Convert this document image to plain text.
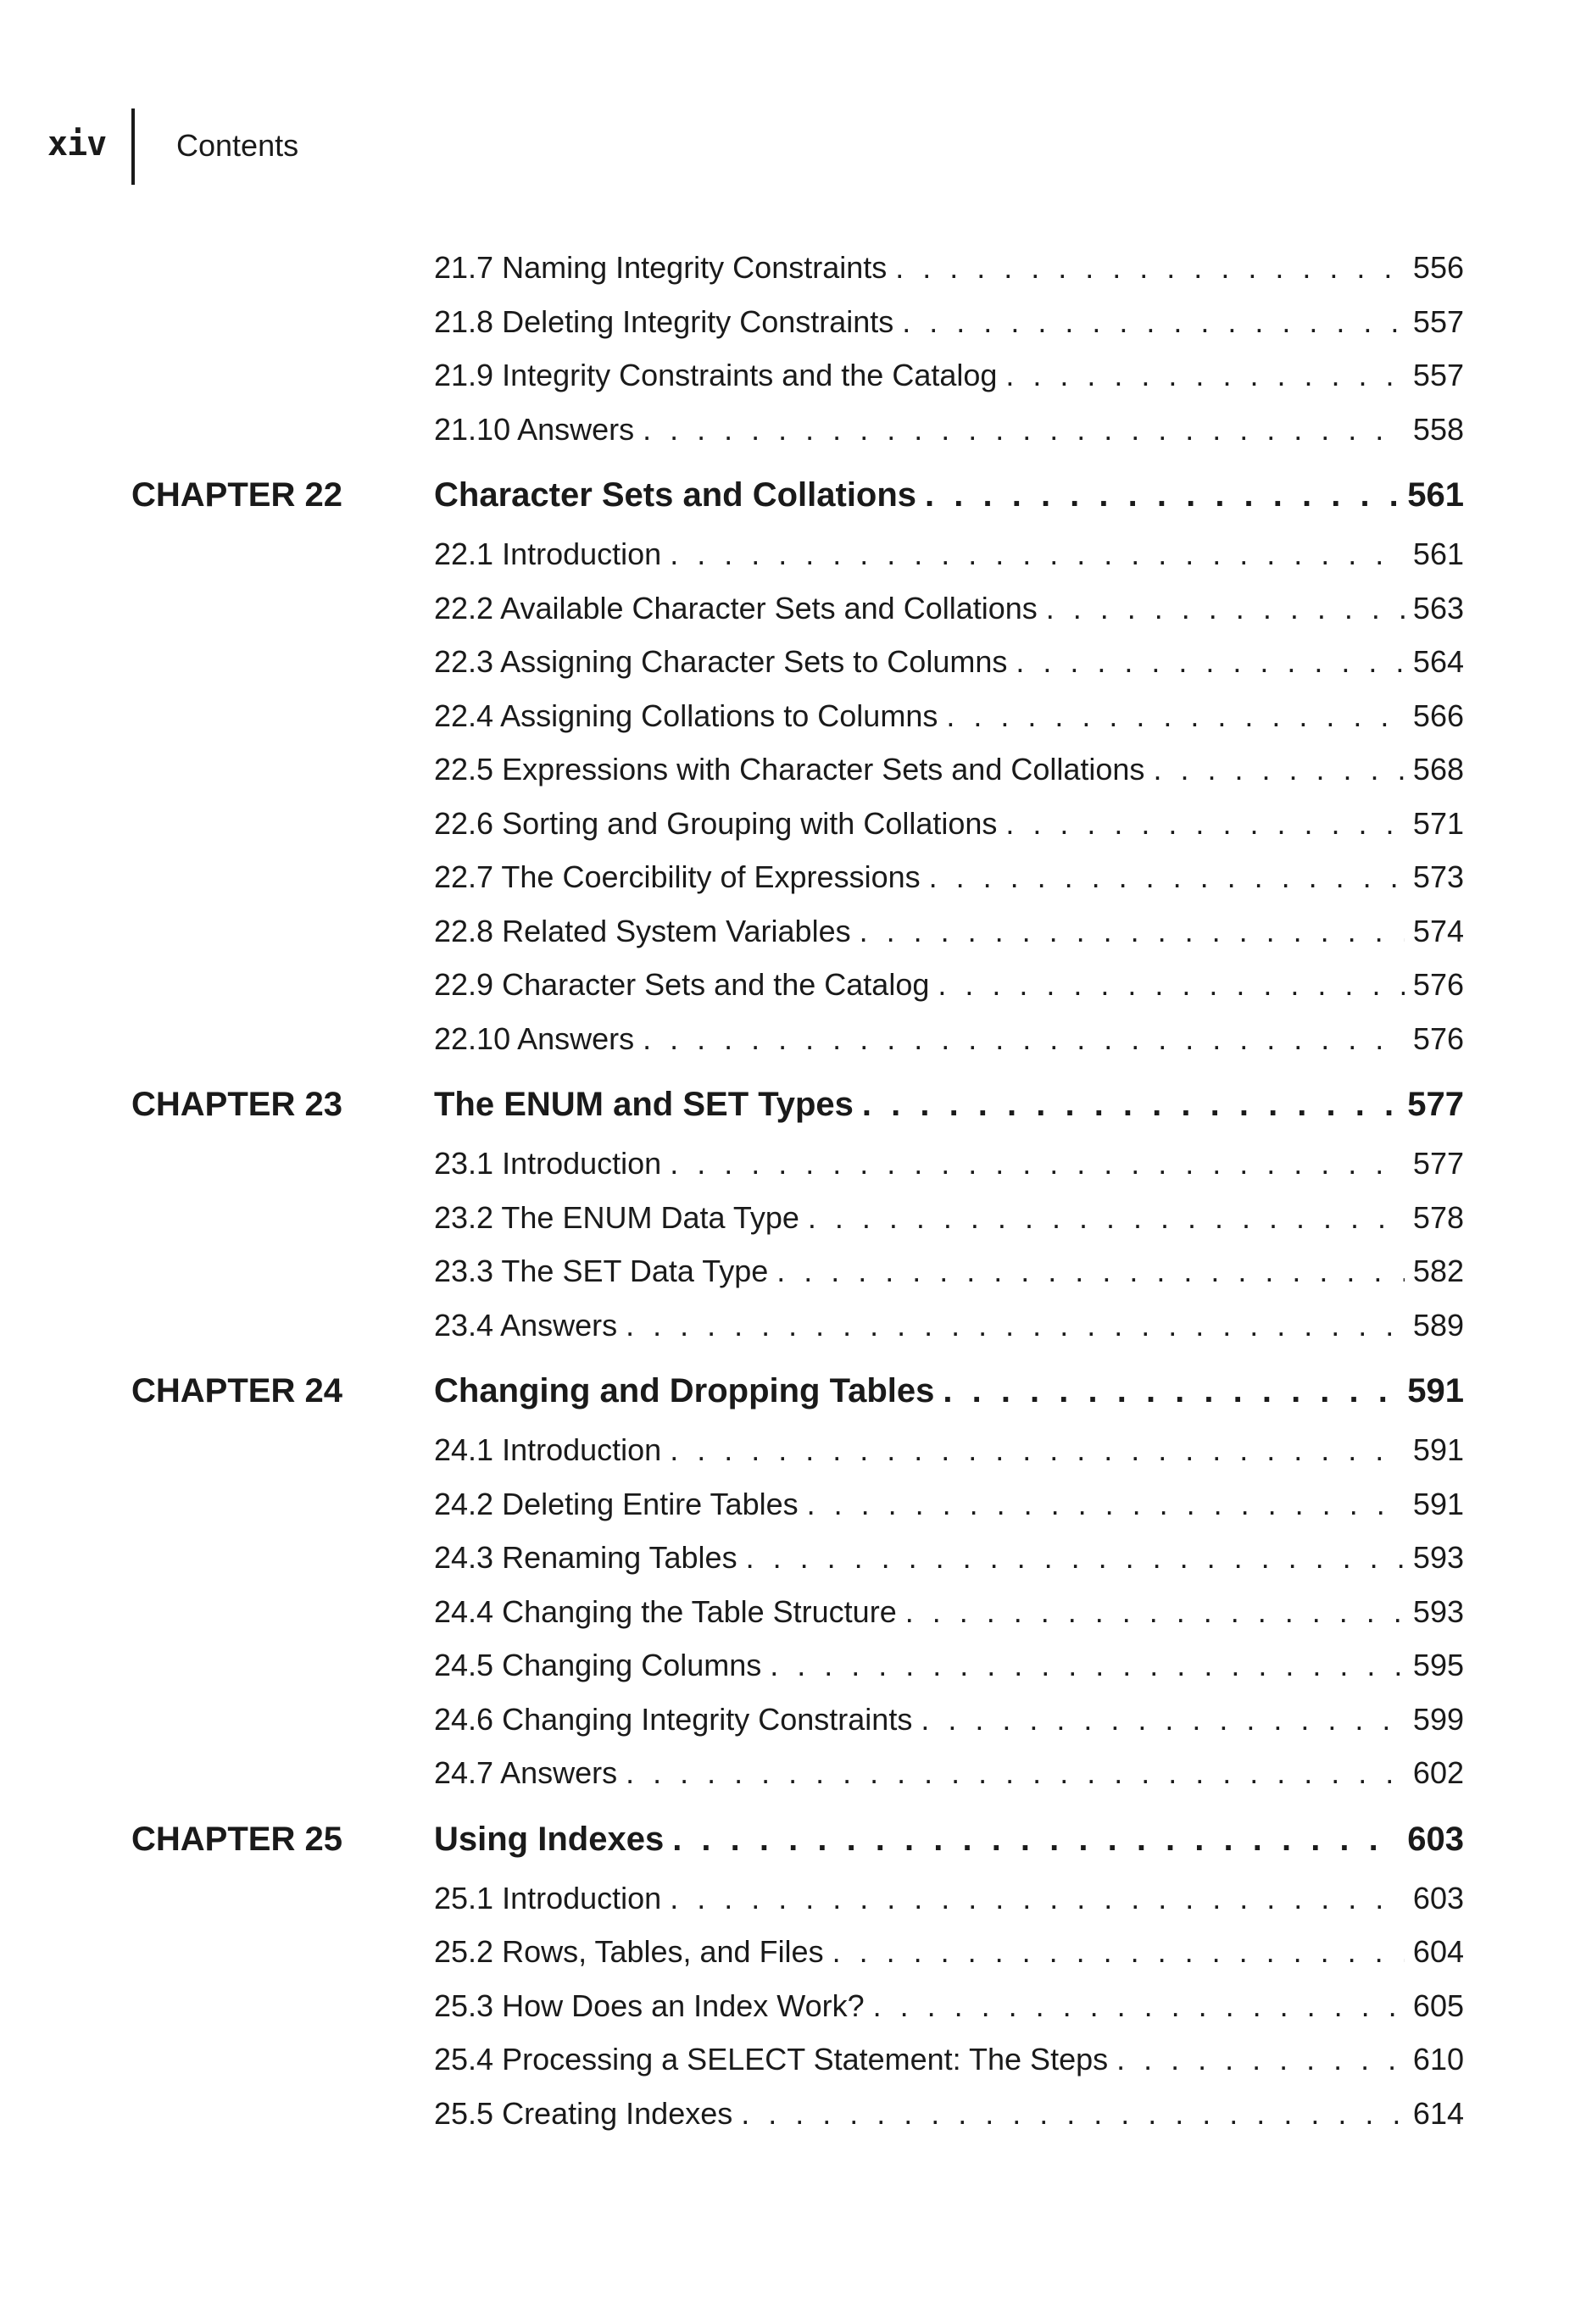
xiv Contents
21.7 Naming Integrity Constraints . . .	556
21.8 Deleting Integrity Constraints . . .	557
21.9 Integrity Constraints and the Catalog . . .	557
21.10 Answers . . .	558
CHAPTER 22	Character Sets and Collations . . .	561
22.1 Introduction . . .	561
22.2 Available Character Sets and Collations . . .	563
22.3 Assigning Character Sets to Columns . . .	564
22.4 Assigning Collations to Columns . . .	566
22.5 Expressions with Character Sets and Collations . . .	568
22.6 Sorting and Grouping with Collations . . .	571
22.7 The Coercibility of Expressions . . .	573
22.8 Related System Variables . . .	574
22.9 Character Sets and the Catalog . . .	576
22.10 Answers . . .	576
CHAPTER 23	The ENUM and SET Types . . .	577
23.1 Introduction . . .	577
23.2 The ENUM Data Type . . .	578
23.3 The SET Data Type . . .	582
23.4 Answers . . .	589
CHAPTER 24	Changing and Dropping Tables . . .	591
24.1 Introduction . . .	591
24.2 Deleting Entire Tables . . .	591
24.3 Renaming Tables . . .	593
24.4 Changing the Table Structure . . .	593
24.5 Changing Columns . . .	595
24.6 Changing Integrity Constraints . . .	599
24.7 Answers . . .	602
CHAPTER 25	Using Indexes . . .	603
25.1 Introduction . . .	603
25.2 Rows, Tables, and Files . . .	604
25.3 How Does an Index Work? . . .	605
25.4 Processing a SELECT Statement: The Steps . . .	610
25.5 Creating Indexes . . .	614
